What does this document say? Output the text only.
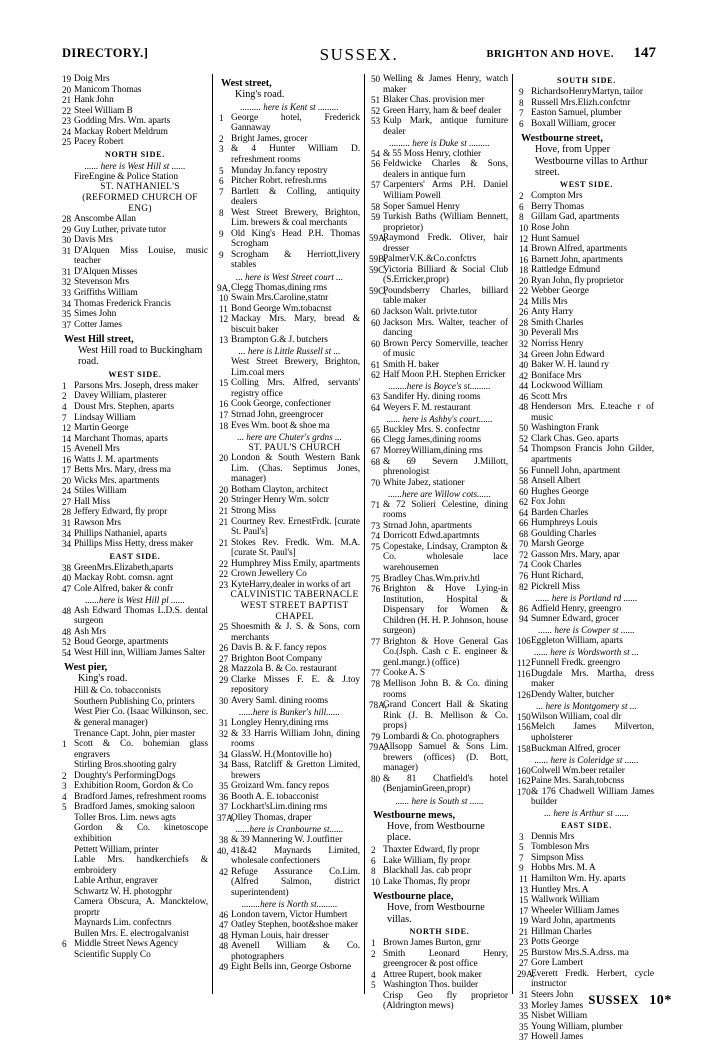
DIRECTORY.]	SUSSEX.	BRIGHTON AND HOVE. 147
19 Doig Mrs
20 Manicom Thomas
21 Hank John
22 Steel William B
23 Godding Mrs. Wm. aparts
24 Mackay Robert Meldrum
25 Pacey Robert
NORTH SIDE.
...... here is West Hill st ......
FireEngine & Police Station
ST. NATHANIEL'S (REFORMED CHURCH OF ENG)
28 Anscombe Allan
29 Guy Luther, private tutor
30 Davis Mrs
31 D'Alquen Miss Louise, music teacher
31 D'Alquen Misses
32 Stevenson Mrs
33 Griffiths William
34 Thomas Frederick Francis
35 Simes John
37 Cotter James
West Hill street,
West Hill road to Buckingham road.
WEST SIDE.
1 Parsons Mrs. Joseph, dress maker
2 Davey William, plasterer
4 Doust Mrs. Stephen, aparts
7 Lindsay William
12 Martin George
14 Marchant Thomas, aparts
15 Avenell Mrs
16 Watts J. M. apartments
17 Betts Mrs. Mary, dress ma
20 Wicks Mrs. apartments
24 Stiles William
27 Hall Miss
28 Jeffery Edward, fly propr
31 Rawson Mrs
34 Phillips Nathaniel, aparts
34 Phillips Miss Hetty, dress maker
EAST SIDE.
38 GreenMrs.Elizabeth,aparts
40 Mackay Robt. comsn. agnt
47 Cole Alfred, baker & confr
......here is West Hill pl ......
48 Ash Edward Thomas L.D.S. dental surgeon
48 Ash Mrs
52 Boud George, apartments
54 West Hill inn, William James Salter
West pier,
King's road.
Hill & Co. tobacconists
Southern Publishing Co, printers
West Pier Co. (Isaac Wilkinson, sec. & general manager)
Trenance Capt. John, pier master
1 Scott & Co. bohemian glass engravers
Stirling Bros.shooting galry
2 Doughty's PerformingDogs
3 Exhibition Room, Gordon & Co
4 Bradford James, refreshment rooms
5 Bradford James, smoking saloon
Toller Bros. Lim. news agts
Gordon & Co. kinetoscope exhibition
Pettett William, printer
Lable Mrs. handkerchiefs & embroidery
Lable Arthur, engraver
Schwartz W. H. photogphr
Camera Obscura, A. Mancktelow, proprtr
Maynards Lim. confectnrs
Bullen Mrs. E. electrogalvanist
6 Middle Street News Agency
Scientific Supply Co
West street,
King's road.
......... here is Kent st .........
1 George hotel, Frederick Gannaway
2 Bright James, grocer
3 & 4 Hunter William D. refreshment rooms
5 Munday Jn.fancy repostry
6 Pitcher Robrt. refresh.rms
7 Bartlett & Colling, antiquity dealers
8 West Street Brewery, Brighton, Lim. brewers & coal merchants
9 Old King's Head P.H. Thomas Scrogham
9 Scrogham & Herriott,livery stables
... here is West Street court ...
9A, Clegg Thomas,dining rms
10 Swain Mrs.Caroline,statnr
11 Bond George Wm.tobacnst
12 Mackay Mrs. Mary, bread & biscuit baker
13 Brampton G.& J. butchers
... here is Little Russell st ...
West Street Brewery, Brighton, Lim.coal mers
15 Colling Mrs. Alfred, servants' registry office
16 Cook George, confectioner
17 Strnad John, greengrocer
18 Eves Wm. boot & shoe ma
... here are Chuter's grdns ...
ST. PAUL'S CHURCH
20 London & South Western Bank Lim. (Chas. Septimus Jones, manager)
20 Botham Clayton, architect
20 Stringer Henry Wm. solctr
21 Strong Miss
21 Courtney Rev. ErnestFrdk. [curate St. Paul's]
21 Stokes Rev. Fredk. Wm. M.A. [curate St. Paul's]
22 Humphrey Miss Emily, apartments
22 Crown Jewellery Co
23 KyteHarry,dealer in works of art
CALVINISTIC TABERNACLE
WEST STREET BAPTIST CHAPEL
25 Shoesmith & J. S. & Sons, corn merchants
26 Davis B. & F. fancy repos
27 Brighton Boot Company
28 Mazzola B. & Co. restaurant
29 Clarke Misses F. E. & J.toy repository
30 Avery Saml. dining rooms
......here is Bunker's hill......
31 Longley Henry,dining rms
32 & 33 Harris William John, dining rooms
34 GlassW. H.(Montoville ho)
34 Bass, Ratcliff & Gretton Limited, brewers
35 Groizard Wm. fancy repos
36 Booth A. E. tobacconist
37 Lockhart'sLim.dining rms
37A,
Olley Thomas, draper
......here is Cranbourne st......
38 & 39 Mannering W. J.outfitter
40, 41&42 Maynards Limited, wholesale confectioners
42 Refuge Assurance Co.Lim. (Alfred Salmon, district superintendent)
........here is North st.........
46 London tavern, Victor Humbert
47 Oatley Stephen, boot&shoe maker
48 Hyman Louis, hair dresser
48 Avenell William & Co. photographers
49 Eight Bells inn, George Osborne
50 Welling & James Henry, watch maker
51 Blaker Chas. provision mer
52 Green Harry, ham & beef dealer
53 Kulp Mark, antique furniture dealer
......... here is Duke st .........
54 & 55 Moss Henry, clothier
56 Feldwicke Charles & Sons, dealers in antique furn
57 Carpenters' Arms P.H. Daniel William Powell
58 Soper Samuel Henry
59 Turkish Baths (William Bennett, proprietor)
59A,
Raymond Fredk. Oliver, hair dresser
59B,
PalmerV.K.&Co.confctrs
59C,
Victoria Billiard & Social Club (S.Erricker,propr)
59C,
Poundsberry Charles, billiard table maker
60 Jackson Walt. privte.tutor
60 Jackson Mrs. Walter, teacher of dancing
60 Brown Percy Somerville, teacher of music
61 Smith H. baker
62 Half Moon P.H. Stephen Erricker
........here is Boyce's st.........
63 Sandifer Hy. dining rooms
64 Weyers F. M. restaurant
...... here is Ashby's court......
65 Buckley Mrs. S. confectnr
66 Clegg James,dining rooms
67 MorreyWilliam,dining rms
68 & 69 Severn J.Millott, phrenologist
70 White Jabez, stationer
......here are Willow cots......
71 & 72 Solieri Celestine, dining rooms
73 Strnad John, apartments
74 Dorricott Edwd.apartmnts
75 Copestake, Lindsay, Crampton & Co. wholesale lace warehousemen
75 Bradley Chas.Wm.priv.htl
76 Brighton & Hove Lying-in Institution, Hospital & Dispensary for Women & Children (H. H. P. Johnson, house surgeon)
77 Brighton & Hove General Gas Co.(Jsph. Cash c E. engineer & genl.mangr.) (office)
77 Cooke A. S
78 Mellison John B. & Co. dining rooms
78A,
Grand Concert Hall & Skating Rink (J. B. Mellison & Co. props)
79 Lombardi & Co. photographers
79A,
Allsopp Samuel & Sons Lim. brewers (offices) (D. Bott, manager)
80 & 81 Chatfield's hotel (BenjaminGreen,propr)
...... here is South st ......
Westbourne mews,
Hove, from Westbourne place.
2 Thaxter Edward, fly propr
6 Lake William, fly propr
8 Blackhall Jas. cab propr
10 Lake Thomas, fly propr
Westbourne place,
Hove, from Westbourne villas.
NORTH SIDE.
1 Brown James Burton, grnr
2 Smith Leonard Henry, greengrocer & post office
4 Attree Rupert, book maker
5 Washington Thos. builder
Crisp Geo fly proprietor (Aldrington mews)
SOUTH SIDE.
9 RichardsoHenryMartyn, tailor
8 Russell Mrs.Elizh.confctnr
7 Easton Samuel, plumber
6 Boxall William, grocer
Westbourne street,
Hove, from Upper Westbourne villas to Arthur street.
WEST SIDE.
2 Compton Mrs
6 Berry Thomas
8 Gillam Gad, apartments
10 Rose John
12 Hunt Samuel
14 Brown Alfred, apartments
16 Barnett John, apartments
18 Rattledge Edmund
20 Ryan John, fly proprietor
22 Webber George
24 Mills Mrs
26 Anty Harry
28 Smith Charles
30 Peverall Mrs
32 Norriss Henry
34 Green John Edward
40 Baker W. H. laund ry
42 Boniface Mrs
44 Lockwood William
46 Scott Mrs
48 Henderson Mrs. E.teache r of music
50 Washington Frank
52 Clark Chas. Geo. aparts
54 Thompson Francis John Gilder, apartments
56 Funnell John, apartment
58 Ansell Albert
60 Hughes George
62 Fox John
64 Barden Charles
66 Humphreys Louis
68 Goulding Charles
70 Marsh George
72 Gasson Mrs. Mary, apar
74 Cook Charles
76 Hunt Richard,
82 Pickrell Miss
...... here is Portland rd ......
86 Adfield Henry, greengro
94 Sumner Edward, grocer
...... here is Cowper st ......
106 Eggleton William, aparts
...... here is Wordsworth st ...
112 Funnell Fredk. greengro
116 Dugdale Mrs. Martha, dress maker
126 Dendy Walter, butcher
... here is Montgomery st ...
150 Wilson William, coal dlr
156 Melch James Milverton, upholsterer
158 Buckman Alfred, grocer
...... here is Coleridge st ......
160 Colwell Wm.beer retailer
162 Paine Mrs. Sarah,tobcnss
170 & 176 Chadwell William James builder
... here is Arthur st ......
EAST SIDE.
3 Dennis Mrs
5 Tombleson Mrs
7 Simpson Miss
9 Hobbs Mrs. M. A
11 Hamilton Wm. Hy. aparts
13 Huntley Mrs. A
15 Wallwork William
17 Wheeler William James
19 Ward John, apartments
21 Hillman Charles
23 Potts George
25 Burstow Mrs.S.A.drss. ma
27 Gore Lambert
29A,
Everett Fredk. Herbert, cycle instructor
31 Steers John
33 Morley James
35 Nisbet William
35 Young William, plumber
37 Howell James
SUSSEX 10*
